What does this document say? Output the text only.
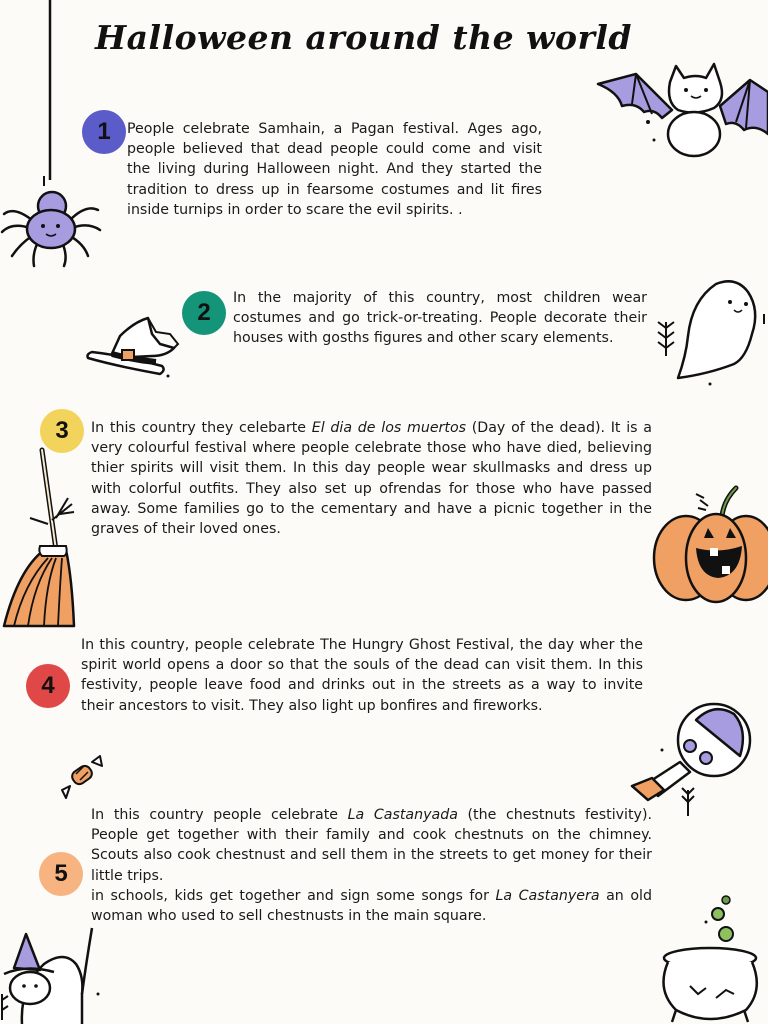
Halloween around the world
1	People celebrate Samhain, a Pagan festival. Ages ago, people believed that dead people could come and visit the living during Halloween night. And they started the tradition to dress up in fearsome costumes and lit fires inside turnips in order to scare the evil spirits. .
2
In the majority of this country, most children wear costumes and go trick-or-treating. People decorate their houses with gosths figures and other scary elements.
3	In this country they celebarte El dia de los muertos (Day of the dead). It is a very colourful festival where people celebrate those who have died, believing thier spirits will visit them. In this day people wear skullmasks and dress up with colorful outfits. They also set up ofrendas for those who have passed away. Some families go to the cementary and have a picnic together in the graves of their loved ones.
4
In this country, people celebrate The Hungry Ghost Festival, the day wher the spirit world opens a door so that the souls of the dead can visit them. In this festivity, people leave food and drinks out in the streets as a way to invite their ancestors to visit. They also light up bonfires and fireworks.
5
In this country people celebrate La Castanyada (the chestnuts festivity). People get together with their family and cook chestnuts on the chimney. Scouts also cook chestnust and sell them in the streets to get money for their little trips.
in schools, kids get together and sign some songs for La Castanyera an old woman who used to sell chestnusts in the main square.
